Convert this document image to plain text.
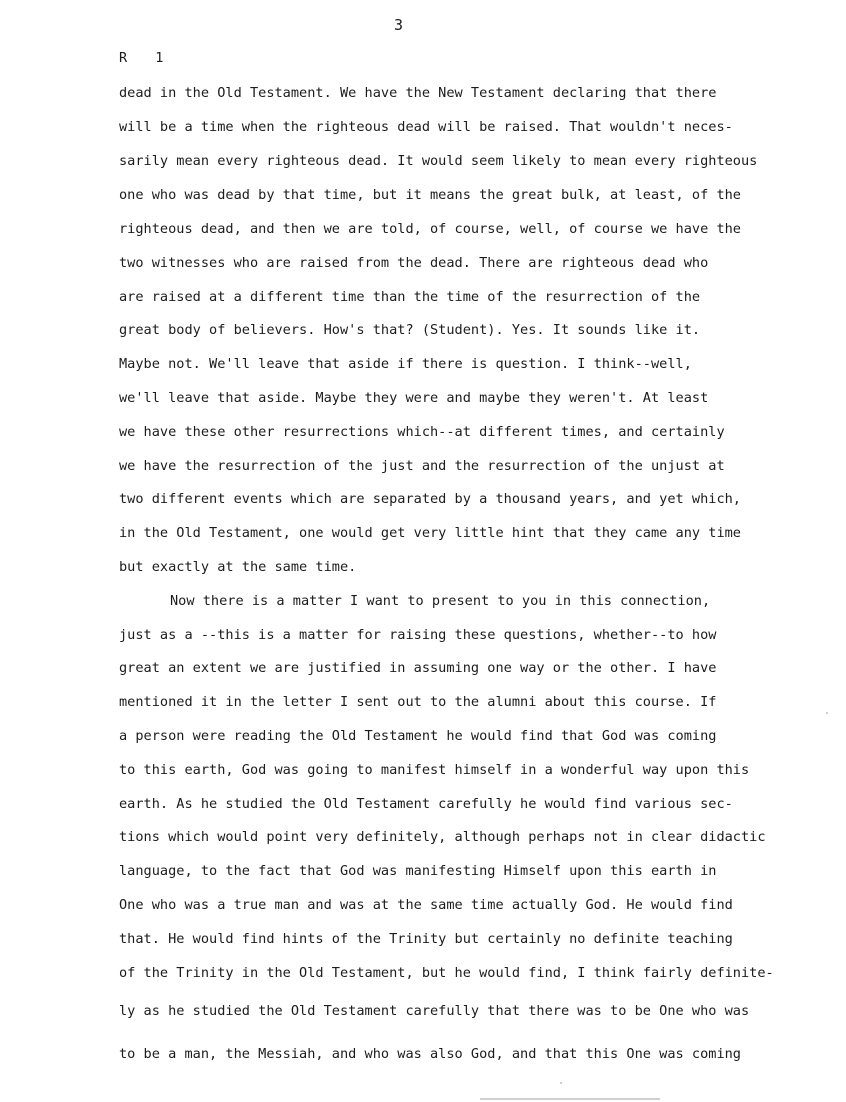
3
R 1
dead in the Old Testament. We have the New Testament declaring that there
will be a time when the righteous dead will be raised. That wouldn't neces-
sarily mean every righteous dead. It would seem likely to mean every righteous
one who was dead by that time, but it means the great bulk, at least, of the
righteous dead, and then we are told, of course, well, of course we have the
two witnesses who are raised from the dead. There are righteous dead who
are raised at a different time than the time of the resurrection of the
great body of believers. How's that? (Student). Yes. It sounds like it.
Maybe not. We'll leave that aside if there is question. I think--well,
we'll leave that aside. Maybe they were and maybe they weren't. At least
we have these other resurrections which--at different times, and certainly
we have the resurrection of the just and the resurrection of the unjust at
two different events which are separated by a thousand years, and yet which,
in the Old Testament, one would get very little hint that they came any time
but exactly at the same time.
Now there is a matter I want to present to you in this connection,
just as a --this is a matter for raising these questions, whether--to how
great an extent we are justified in assuming one way or the other. I have
mentioned it in the letter I sent out to the alumni about this course. If
a person were reading the Old Testament he would find that God was coming
to this earth, God was going to manifest himself in a wonderful way upon this
earth. As he studied the Old Testament carefully he would find various sec-
tions which would point very definitely, although perhaps not in clear didactic
language, to the fact that God was manifesting Himself upon this earth in
One who was a true man and was at the same time actually God. He would find
that. He would find hints of the Trinity but certainly no definite teaching
of the Trinity in the Old Testament, but he would find, I think fairly definite-
ly as he studied the Old Testament carefully that there was to be One who was
to be a man, the Messiah, and who was also God, and that this One was coming
